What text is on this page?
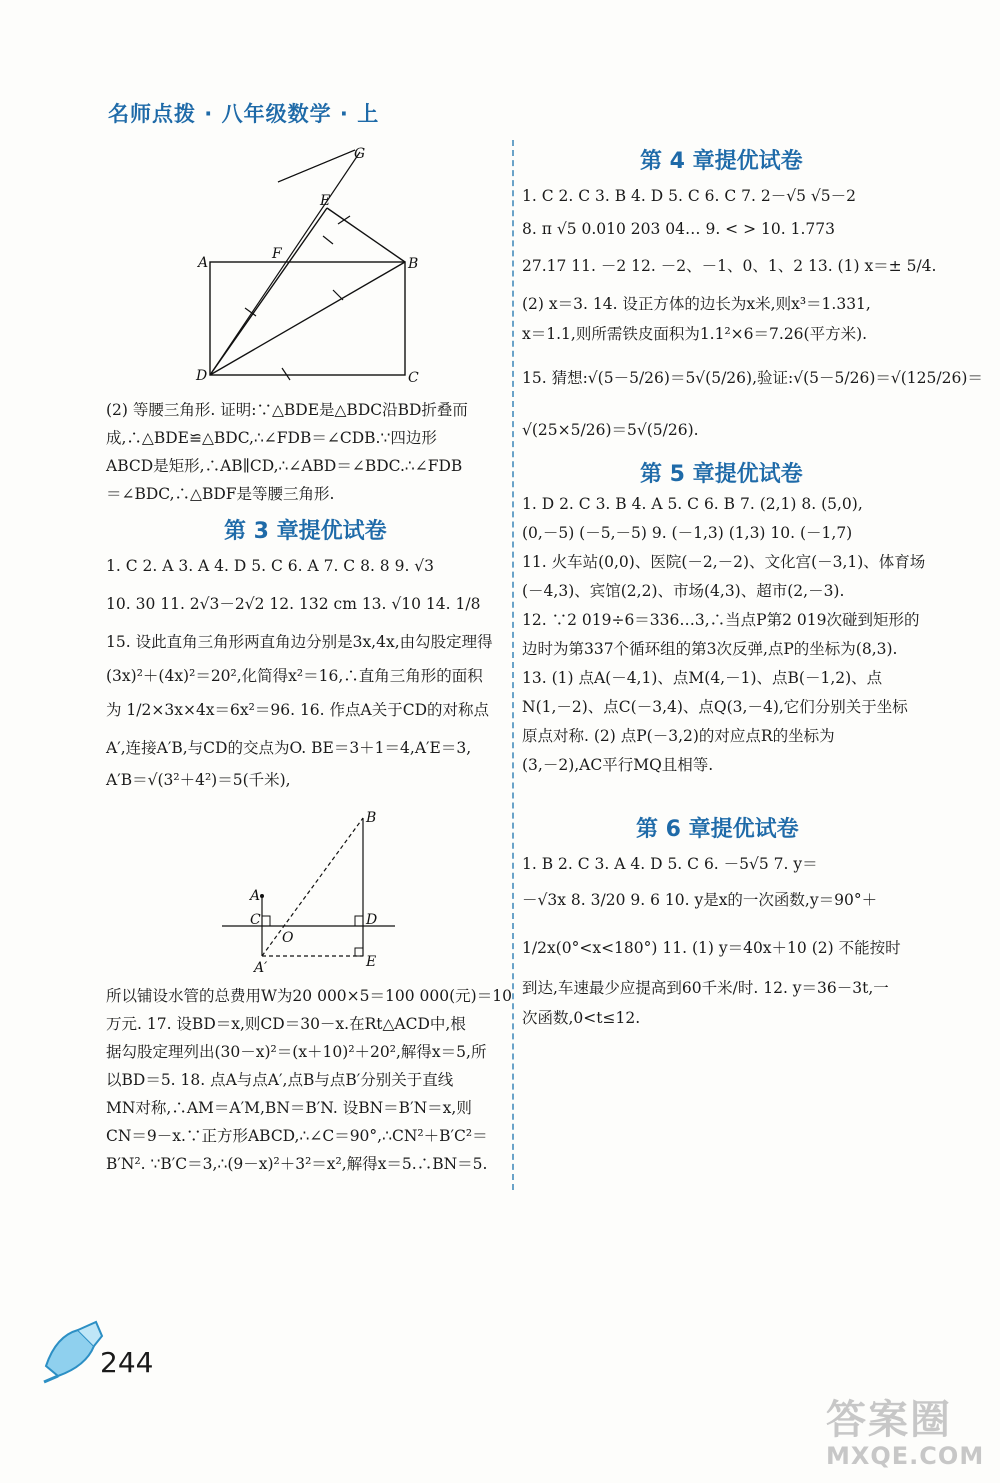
名师点拨 · 八年级数学 · 上
G
E
F
A	B
D	C
(2) 等腰三角形. 证明:∵△BDE是△BDC沿BD折叠而
成,∴△BDE≌△BDC,∴∠FDB＝∠CDB.∵四边形
ABCD是矩形,∴AB∥CD,∴∠ABD＝∠BDC.∴∠FDB
＝∠BDC,∴△BDF是等腰三角形.
第 3 章提优试卷
1. C 2. A 3. A 4. D 5. C 6. A 7. C 8. 8 9. √3
10. 30 11. 2√3－2√2 12. 132 cm 13. √10 14. 1/8
15. 设此直角三角形两直角边分别是3x,4x,由勾股定理得
(3x)²＋(4x)²＝20²,化简得x²＝16,∴直角三角形的面积
为 1/2×3x×4x＝6x²＝96. 16. 作点A关于CD的对称点
A′,连接A′B,与CD的交点为O. BE＝3＋1＝4,A′E＝3,
A′B＝√(3²＋4²)＝5(千米),
B
A
C
O
D
A′	E
所以铺设水管的总费用W为20 000×5＝100 000(元)＝10
万元. 17. 设BD＝x,则CD＝30－x.在Rt△ACD中,根
据勾股定理列出(30－x)²＝(x＋10)²＋20²,解得x＝5,所
以BD＝5. 18. 点A与点A′,点B与点B′分别关于直线
MN对称,∴AM＝A′M,BN＝B′N. 设BN＝B′N＝x,则
CN＝9－x.∵正方形ABCD,∴∠C＝90°,∴CN²＋B′C²＝
B′N². ∵B′C＝3,∴(9－x)²＋3²＝x²,解得x＝5.∴BN＝5.
第 4 章提优试卷
1. C 2. C 3. B 4. D 5. C 6. C 7. 2－√5 √5－2
8. π √5 0.010 203 04… 9. < > 10. 1.773
27.17 11. －2 12. －2、－1、0、1、2 13. (1) x＝± 5/4.
(2) x＝3. 14. 设正方体的边长为x米,则x³＝1.331,
x＝1.1,则所需铁皮面积为1.1²×6＝7.26(平方米).
15. 猜想:√(5－5/26)＝5√(5/26),验证:√(5－5/26)＝√(125/26)＝
√(25×5/26)＝5√(5/26).
第 5 章提优试卷
1. D 2. C 3. B 4. A 5. C 6. B 7. (2,1) 8. (5,0),
(0,－5) (－5,－5) 9. (－1,3) (1,3) 10. (－1,7)
11. 火车站(0,0)、医院(－2,－2)、文化宫(－3,1)、体育场
(－4,3)、宾馆(2,2)、市场(4,3)、超市(2,－3).
12. ∵2 019÷6＝336…3,∴当点P第2 019次碰到矩形的
边时为第337个循环组的第3次反弹,点P的坐标为(8,3).
13. (1) 点A(－4,1)、点M(4,－1)、点B(－1,2)、点
N(1,－2)、点C(－3,4)、点Q(3,－4),它们分别关于坐标
原点对称. (2) 点P(－3,2)的对应点R的坐标为
(3,－2),AC平行MQ且相等.
第 6 章提优试卷
1. B 2. C 3. A 4. D 5. C 6. －5√5 7. y＝
－√3x 8. 3/20 9. 6 10. y是x的一次函数,y＝90°＋
1/2x(0°<x<180°) 11. (1) y＝40x＋10 (2) 不能按时
到达,车速最少应提高到60千米/时. 12. y＝36－3t,一
次函数,0<t≤12.
244
答案圈
MXQE.COM
